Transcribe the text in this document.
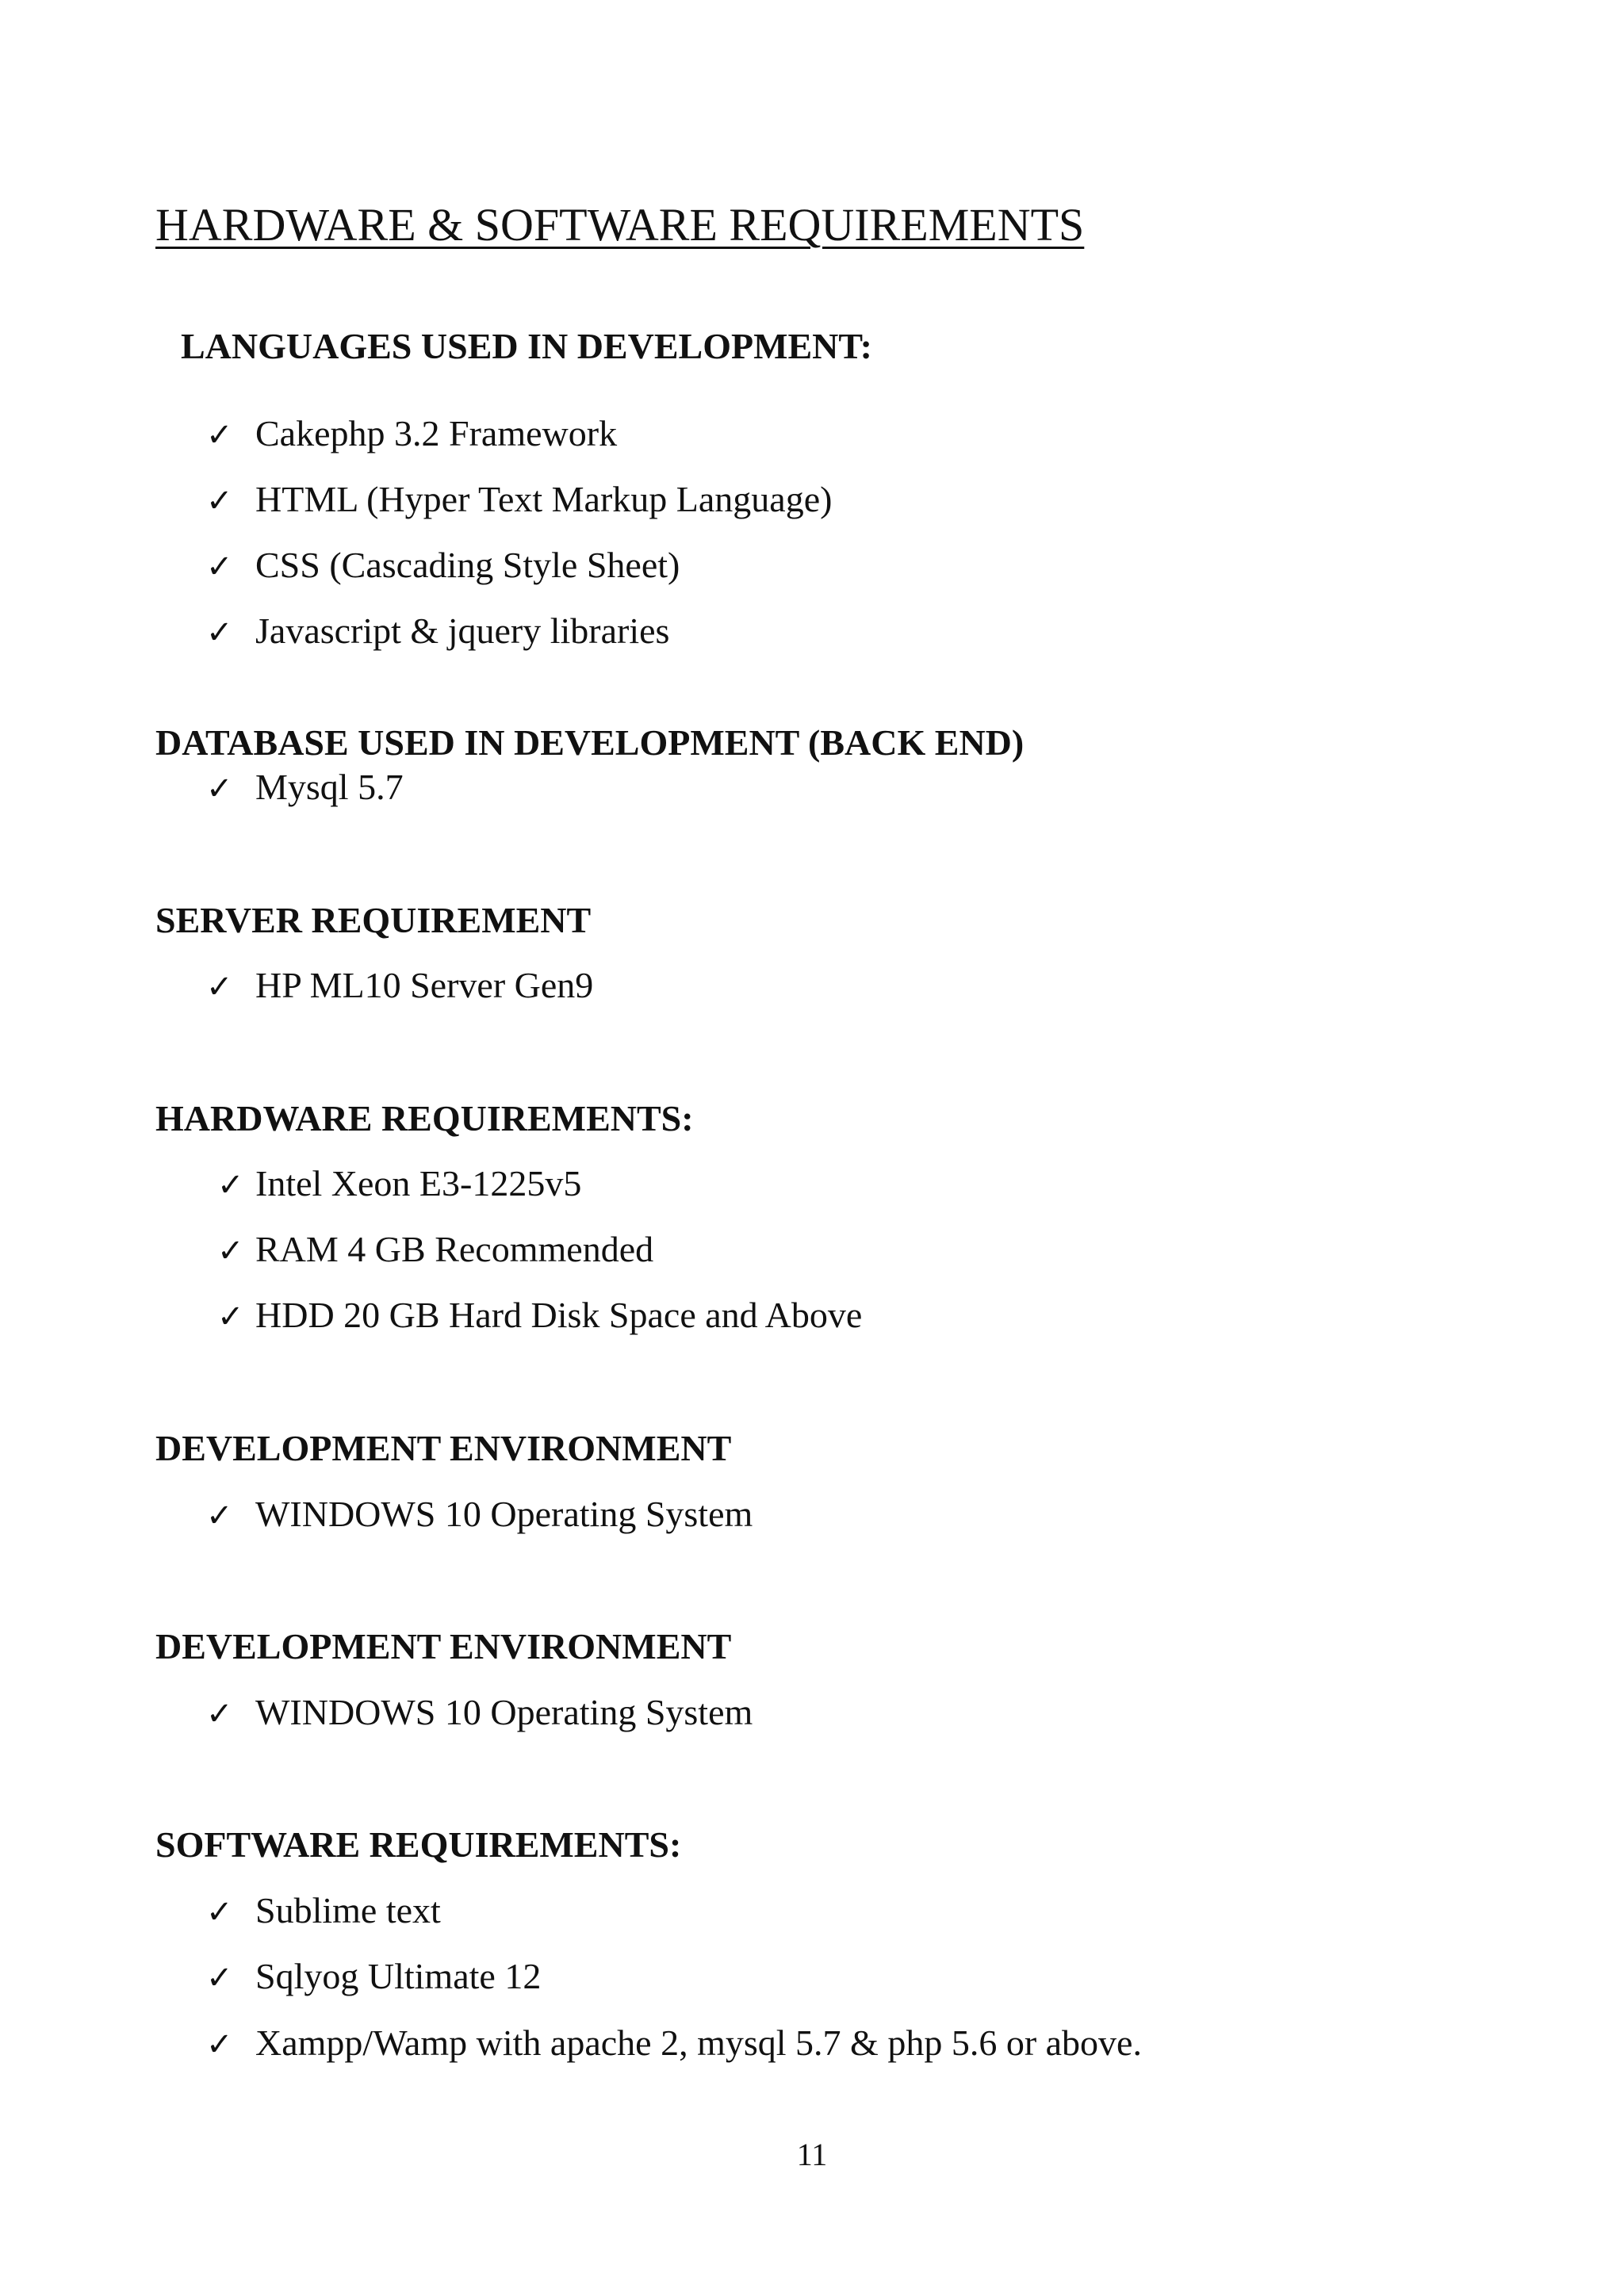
HARDWARE & SOFTWARE REQUIREMENTS
LANGUAGES USED IN DEVELOPMENT:
✓ Cakephp 3.2 Framework
✓ HTML (Hyper Text Markup Language)
✓ CSS (Cascading Style Sheet)
✓ Javascript & jquery libraries
DATABASE USED IN DEVELOPMENT (BACK END)
✓ Mysql 5.7
SERVER REQUIREMENT
✓ HP ML10 Server Gen9
HARDWARE REQUIREMENTS:
✓ Intel Xeon E3-1225v5
✓ RAM 4 GB Recommended
✓ HDD 20 GB Hard Disk Space and Above
DEVELOPMENT ENVIRONMENT
✓ WINDOWS 10 Operating System
DEVELOPMENT ENVIRONMENT
✓ WINDOWS 10 Operating System
SOFTWARE REQUIREMENTS:
✓ Sublime text
✓ Sqlyog Ultimate 12
✓ Xampp/Wamp with apache 2, mysql 5.7 & php 5.6 or above.
11
